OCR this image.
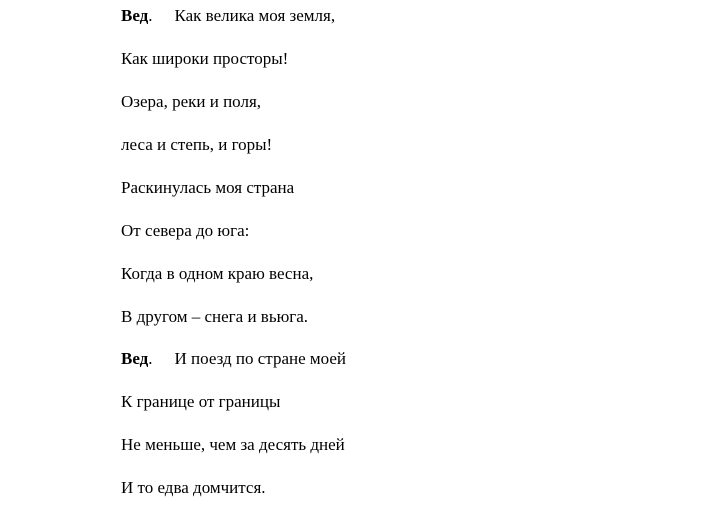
Вед. Как велика моя земля,
Как широки просторы!
Озера, реки и поля,
леса и степь, и горы!
Раскинулась моя страна
От севера до юга:
Когда в одном краю весна,
В другом – снега и вьюга.
Вед. И поезд по стране моей
К границе от границы
Не меньше, чем за десять дней
И то едва домчится.
